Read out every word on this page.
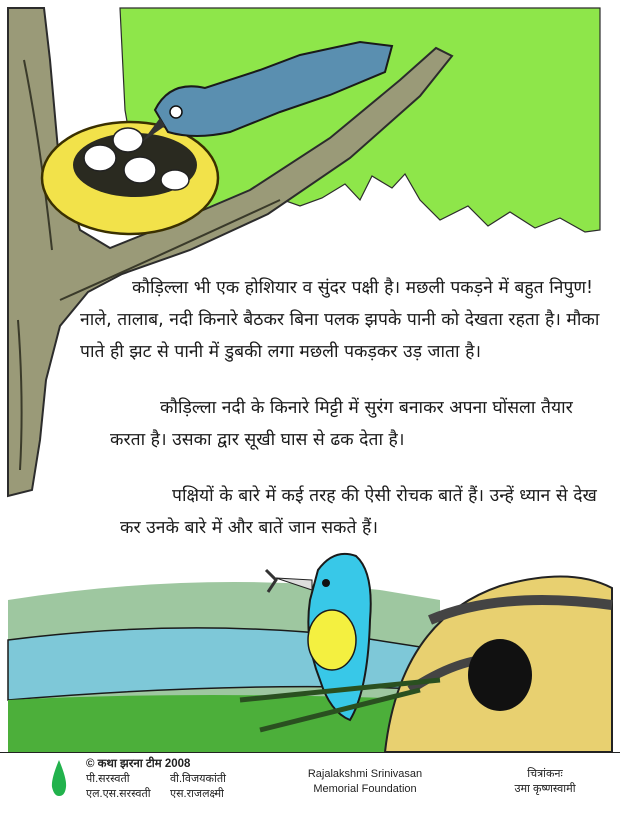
कौड़िल्ला भी एक होशियार व सुंदर पक्षी है। मछली पकड़ने में बहुत निपुण! नाले, तालाब, नदी किनारे बैठकर बिना पलक झपके पानी को देखता रहता है। मौका पाते ही झट से पानी में डुबकी लगा मछली पकड़कर उड़ जाता है।

कौड़िल्ला नदी के किनारे मिट्टी में सुरंग बनाकर अपना घोंसला तैयार करता है। उसका द्वार सूखी घास से ढक देता है।

पक्षियों के बारे में कई तरह की ऐसी रोचक बातें हैं। उन्हें ध्यान से देख कर उनके बारे में और बातें जान सकते हैं।

© कथा झरना टीम 2008
पी.सरस्वती	वी.विजयकांती
एल.एस.सरस्वती एस.राजलक्ष्मी
Rajalakshmi Srinivasan
Memorial Foundation
चित्रांकनः
उमा कृष्णस्वामी
